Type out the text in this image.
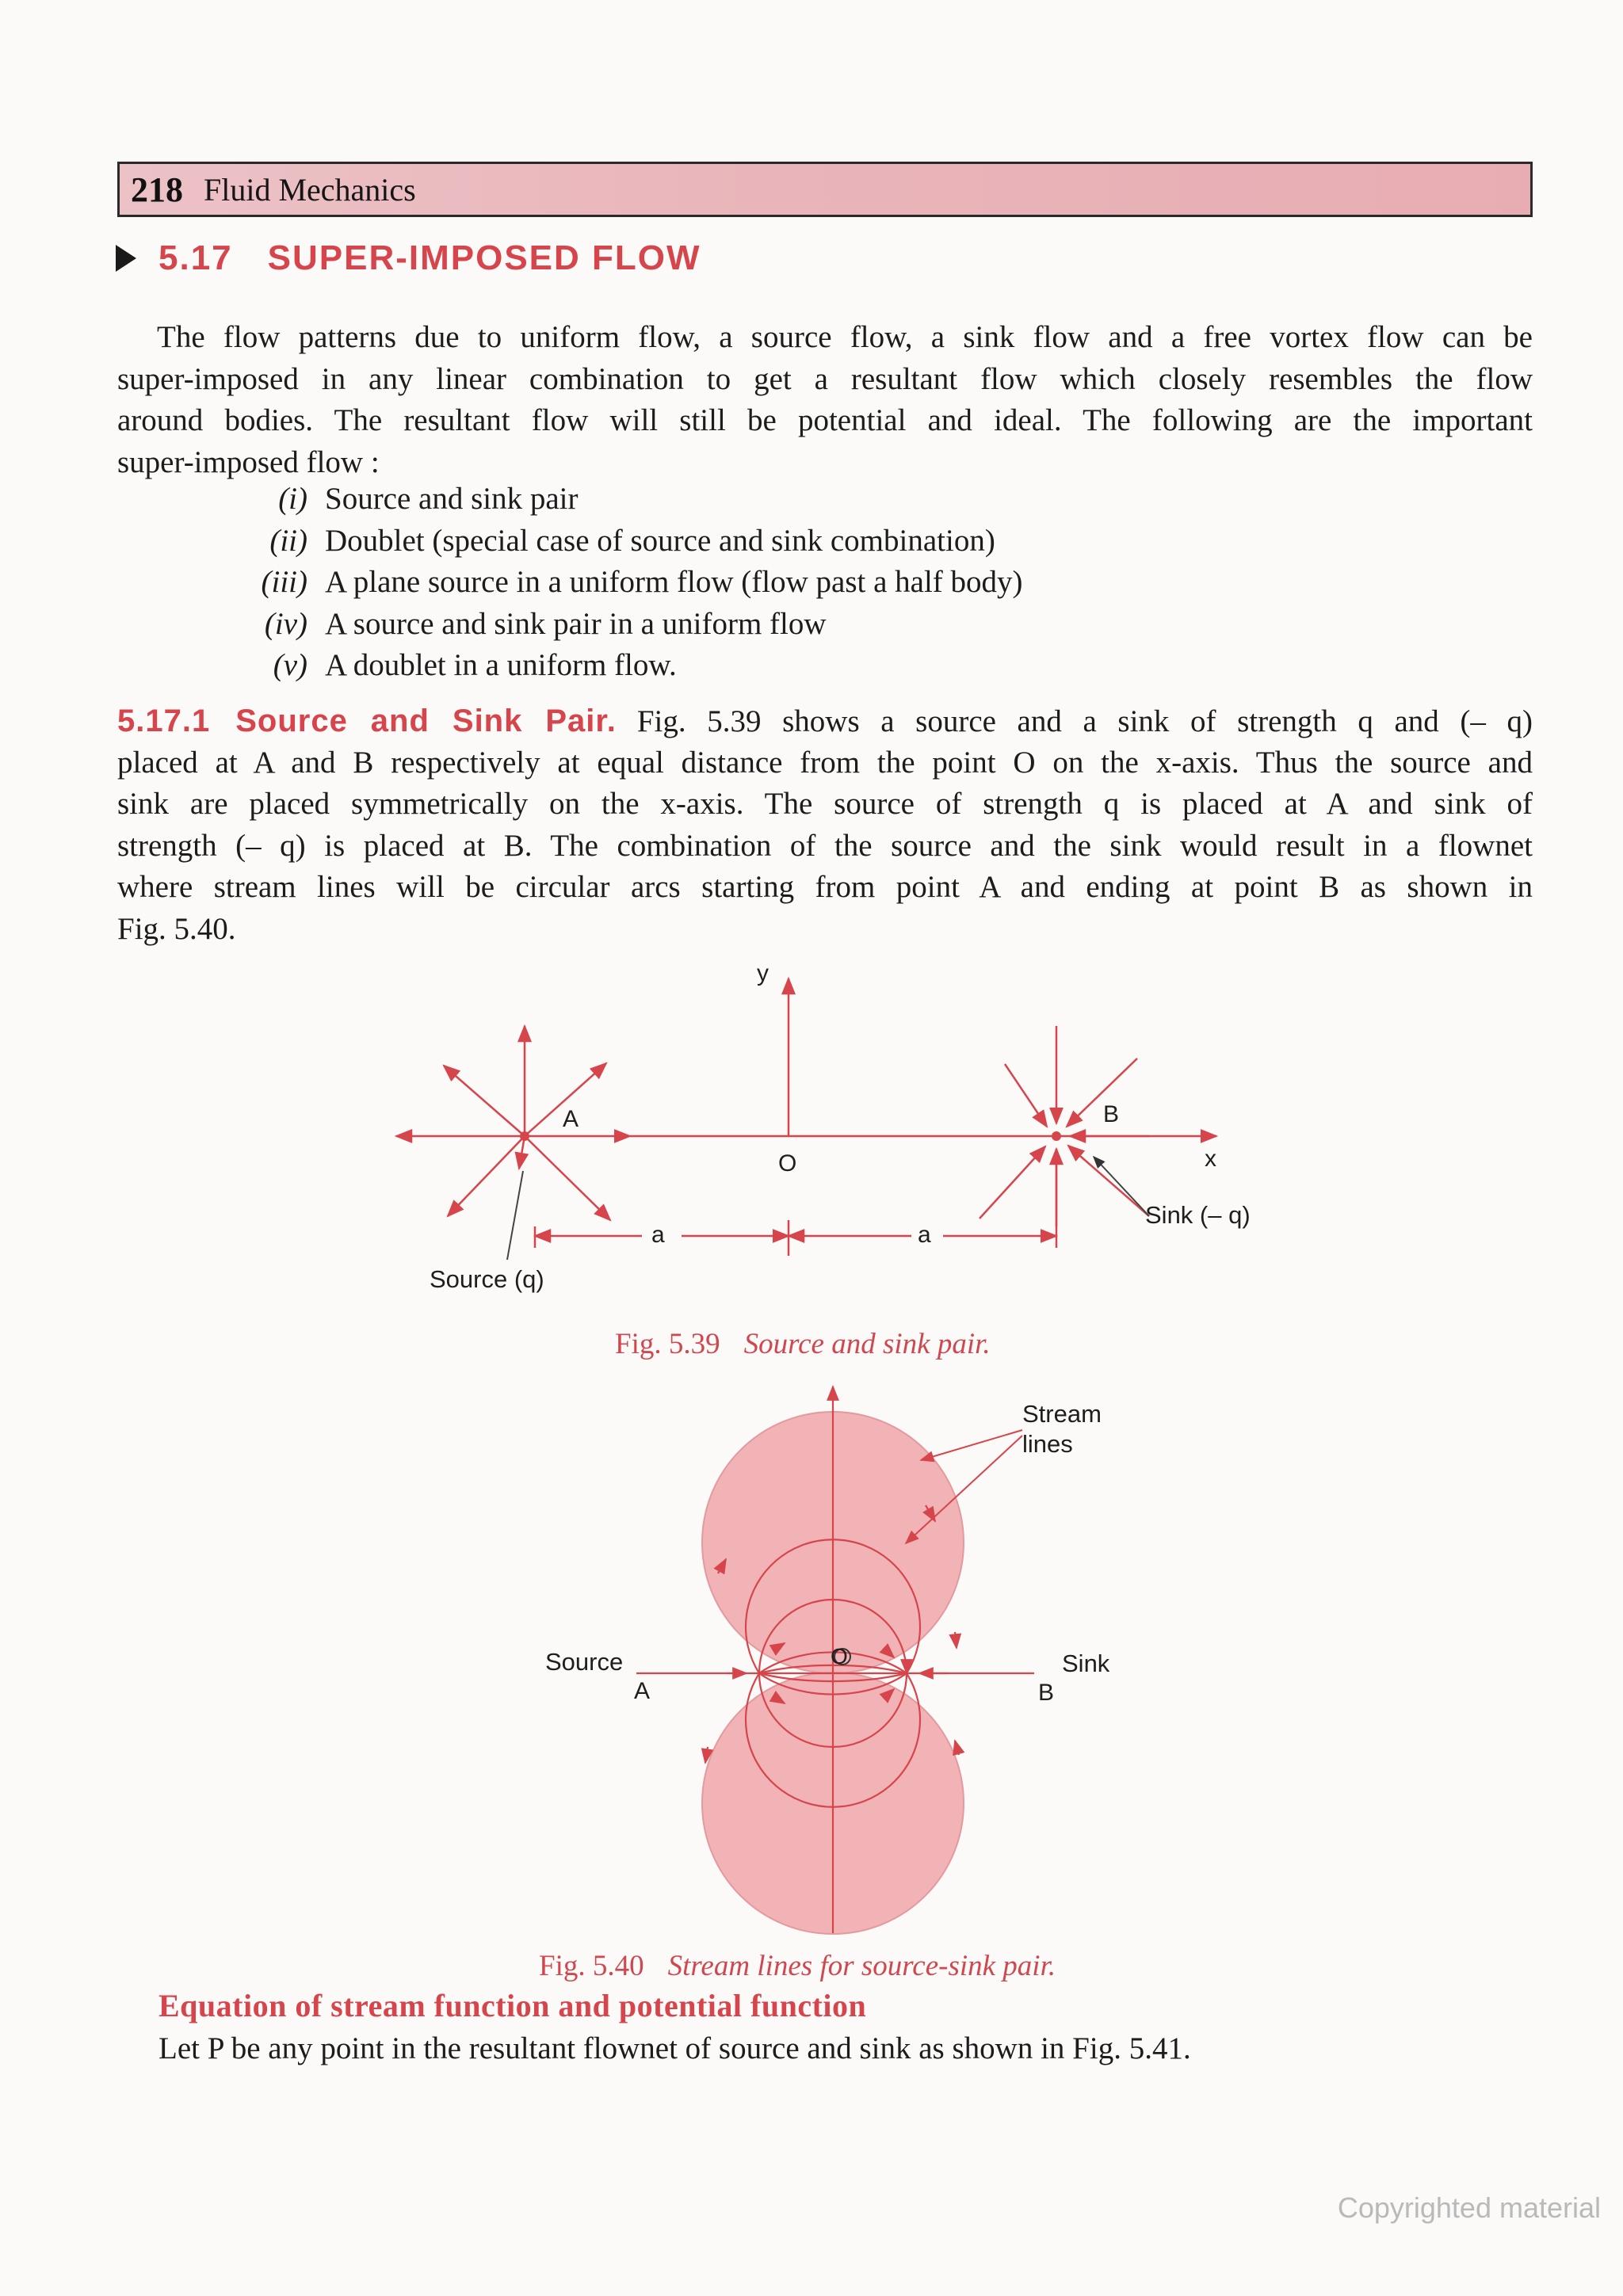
218 Fluid Mechanics
5.17 SUPER-IMPOSED FLOW
The flow patterns due to uniform flow, a source flow, a sink flow and a free vortex flow can be
super-imposed in any linear combination to get a resultant flow which closely resembles the flow
around bodies. The resultant flow will still be potential and ideal. The following are the important
super-imposed flow :
(i) Source and sink pair
(ii) Doublet (special case of source and sink combination)
(iii) A plane source in a uniform flow (flow past a half body)
(iv) A source and sink pair in a uniform flow
(v) A doublet in a uniform flow.
5.17.1 Source and Sink Pair. Fig. 5.39 shows a source and a sink of strength q and (– q)
placed at A and B respectively at equal distance from the point O on the x-axis. Thus the source and
sink are placed symmetrically on the x-axis. The source of strength q is placed at A and sink of
strength (– q) is placed at B. The combination of the source and the sink would result in a flownet
where stream lines will be circular arcs starting from point A and ending at point B as shown in
Fig. 5.40.
y
x
A	B
O
a	a
Source (q)
Sink (– q)
Stream
lines
Source
A
O	Sink
B
Fig. 5.39 Source and sink pair.
Fig. 5.40 Stream lines for source-sink pair.
Equation of stream function and potential function
Let P be any point in the resultant flownet of source and sink as shown in Fig. 5.41.
Copyrighted material
